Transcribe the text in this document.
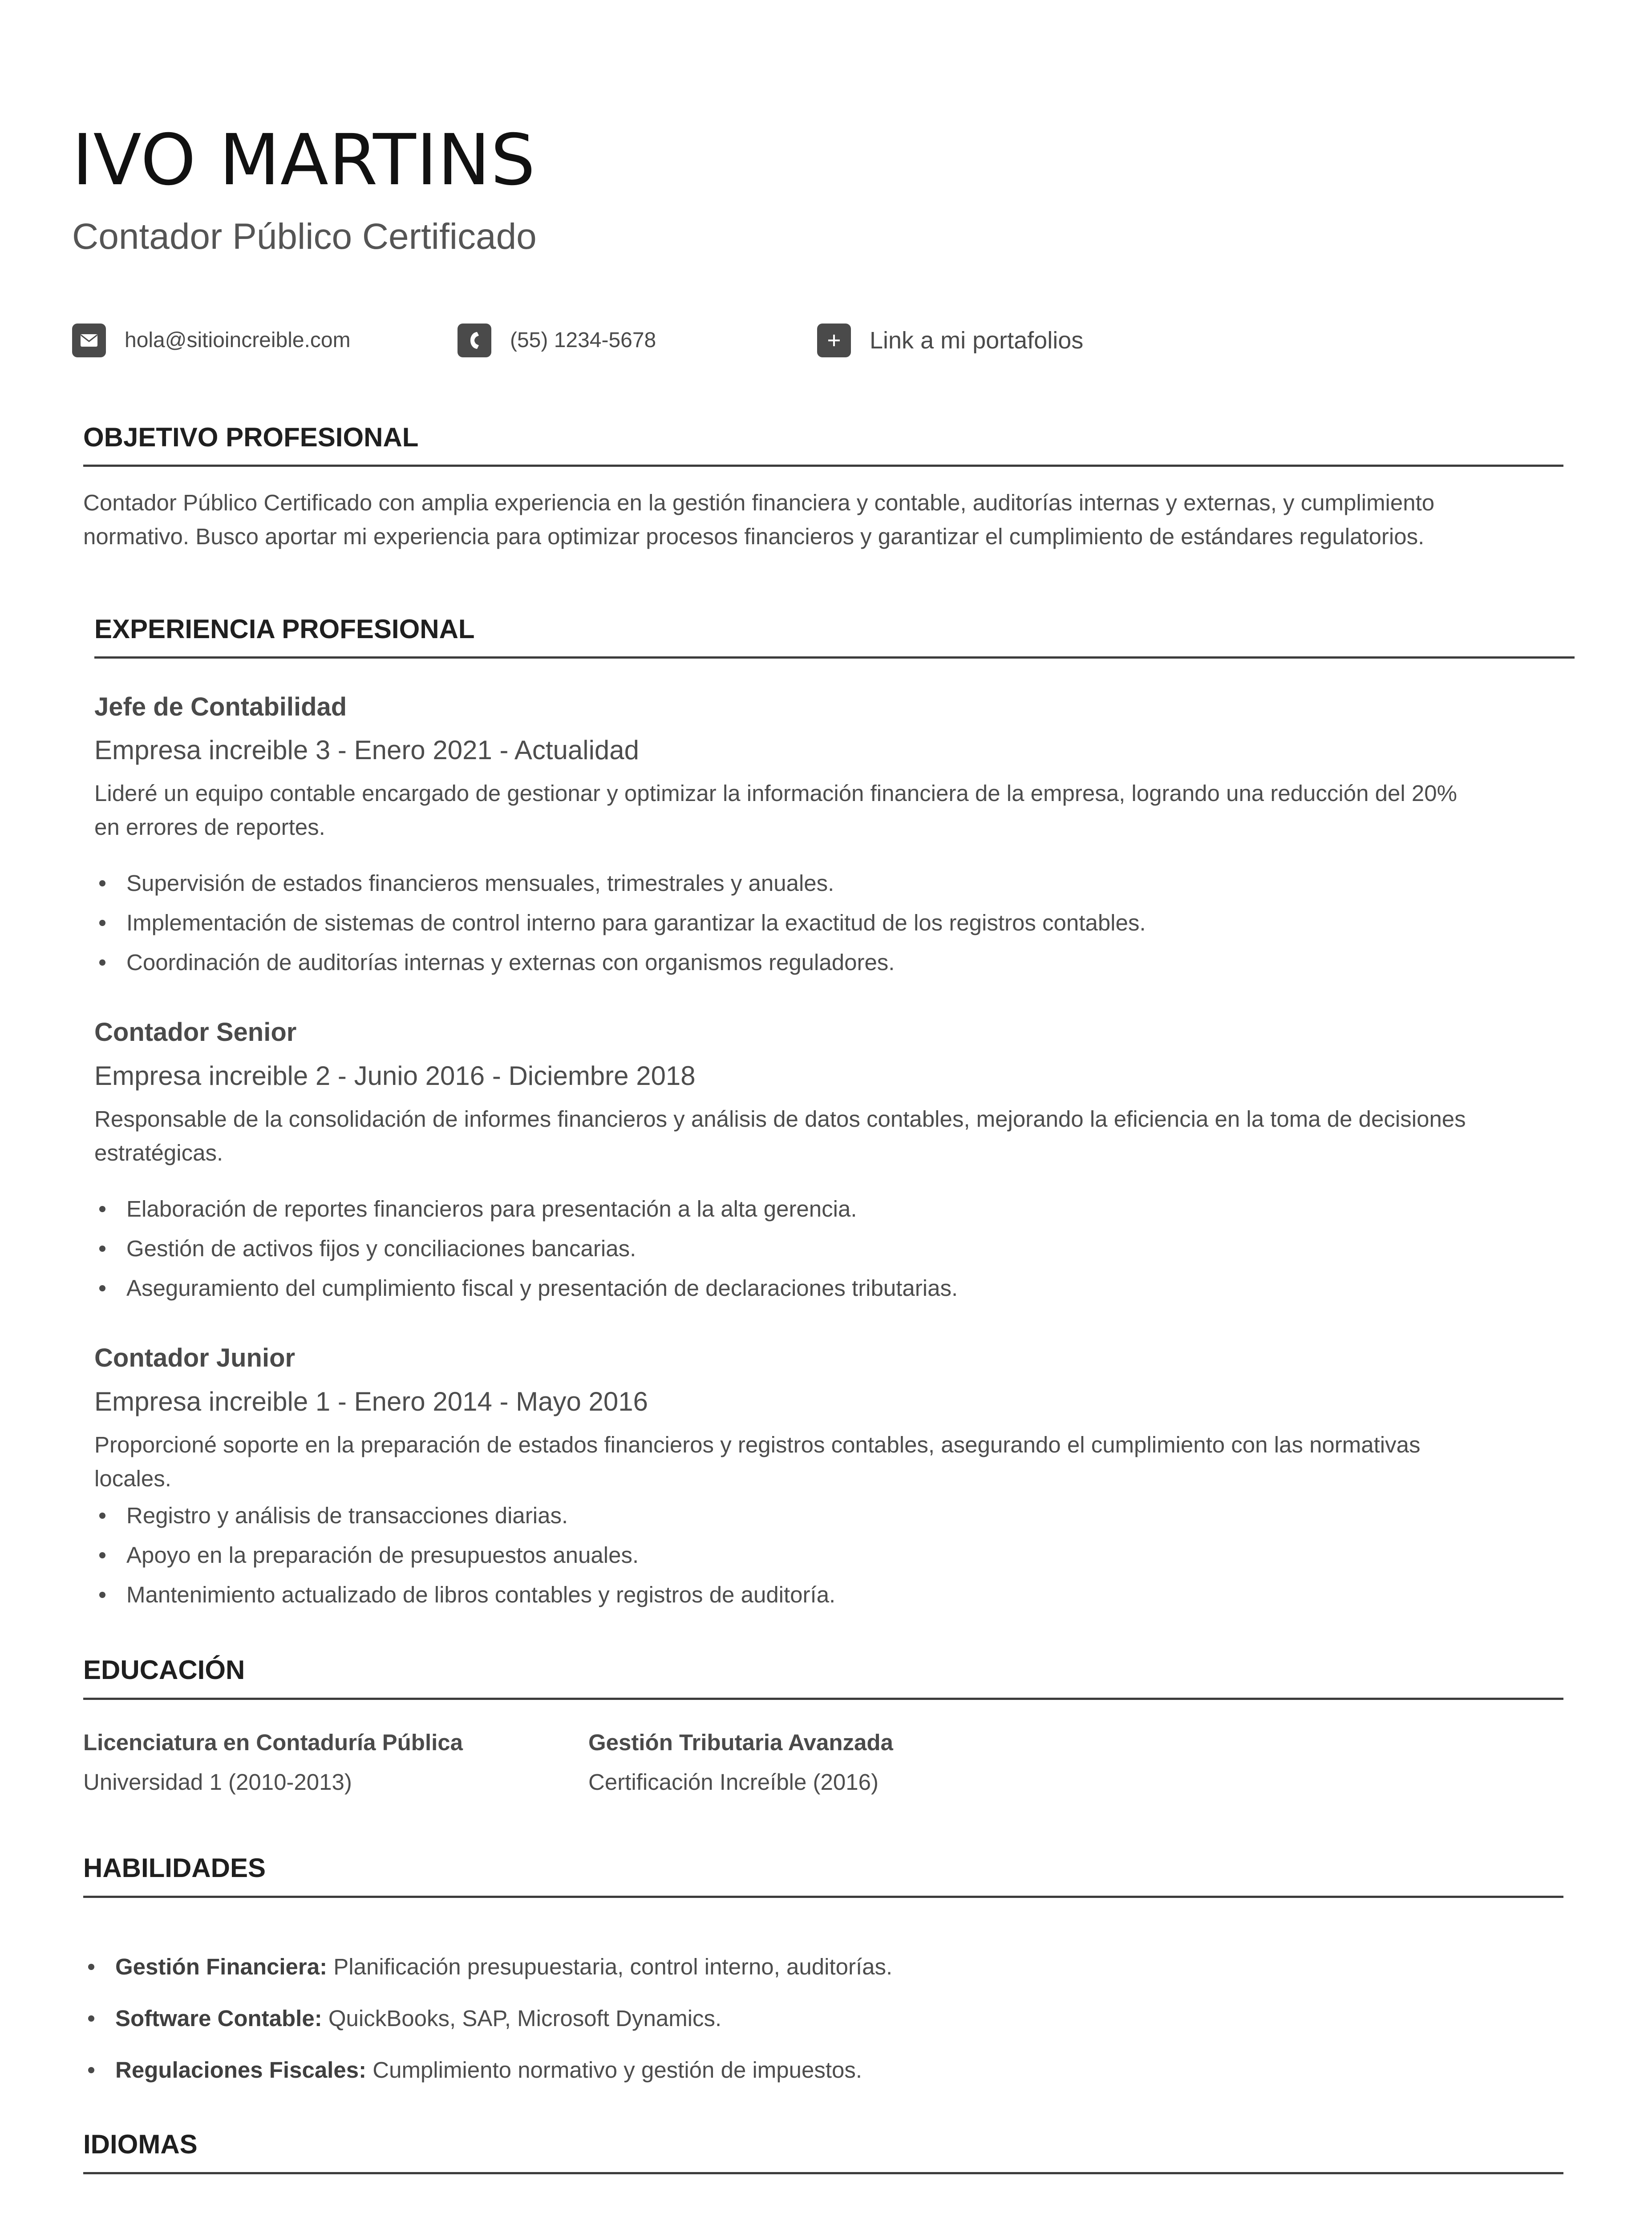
IVO MARTINS
Contador Público Certificado
hola@sitioincreible.com	(55) 1234-5678	Link a mi portafolios
OBJETIVO PROFESIONAL
Contador Público Certificado con amplia experiencia en la gestión financiera y contable, auditorías internas y externas, y cumplimiento
normativo. Busco aportar mi experiencia para optimizar procesos financieros y garantizar el cumplimiento de estándares regulatorios.
EXPERIENCIA PROFESIONAL
Jefe de Contabilidad
Empresa increible 3 - Enero 2021 - Actualidad
Lideré un equipo contable encargado de gestionar y optimizar la información financiera de la empresa, logrando una reducción del 20%
en errores de reportes.
Supervisión de estados financieros mensuales, trimestrales y anuales.
Implementación de sistemas de control interno para garantizar la exactitud de los registros contables.
Coordinación de auditorías internas y externas con organismos reguladores.
Contador Senior
Empresa increible 2 - Junio 2016 - Diciembre 2018
Responsable de la consolidación de informes financieros y análisis de datos contables, mejorando la eficiencia en la toma de decisiones
estratégicas.
Elaboración de reportes financieros para presentación a la alta gerencia.
Gestión de activos fijos y conciliaciones bancarias.
Aseguramiento del cumplimiento fiscal y presentación de declaraciones tributarias.
Contador Junior
Empresa increible 1 - Enero 2014 - Mayo 2016
Proporcioné soporte en la preparación de estados financieros y registros contables, asegurando el cumplimiento con las normativas
locales.
Registro y análisis de transacciones diarias.
Apoyo en la preparación de presupuestos anuales.
Mantenimiento actualizado de libros contables y registros de auditoría.
EDUCACIÓN
Licenciatura en Contaduría Pública
Universidad 1 (2010-2013)
Gestión Tributaria Avanzada
Certificación Increíble (2016)
HABILIDADES
Gestión Financiera: Planificación presupuestaria, control interno, auditorías.
Software Contable: QuickBooks, SAP, Microsoft Dynamics.
Regulaciones Fiscales: Cumplimiento normativo y gestión de impuestos.
IDIOMAS
